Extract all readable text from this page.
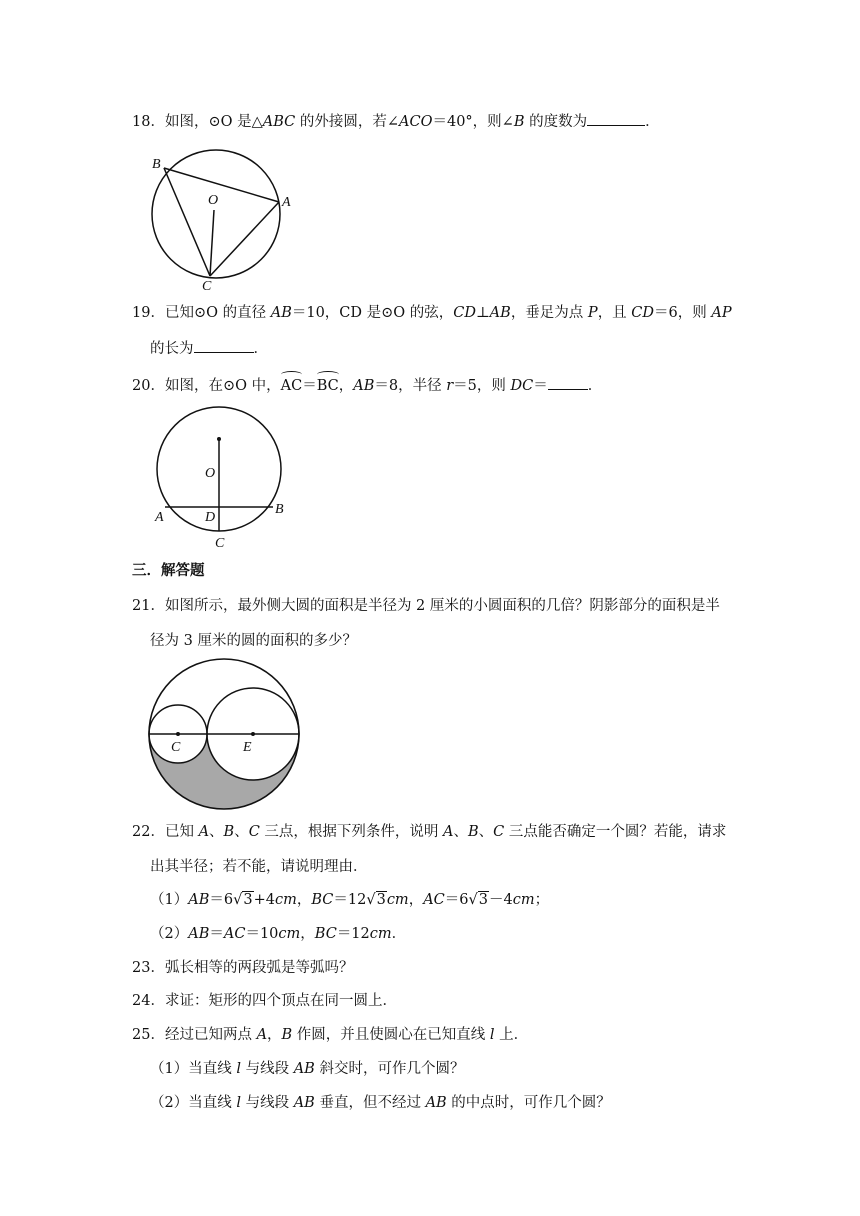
18．如图，⊙O 是△ABC 的外接圆，若∠ACO＝40°，则∠B 的度数为	．
B
O	A
C
19．已知⊙O 的直径 AB＝10，CD 是⊙O 的弦，CD⊥AB，垂足为点 P，且 CD＝6，则 AP
的长为	．
20．如图，在⊙O 中，AC＝BC，AB＝8，半径 r＝5，则 DC＝	．
O
A	D
B
C
三．解答题
21．如图所示，最外侧大圆的面积是半径为 2 厘米的小圆面积的几倍？阴影部分的面积是半
径为 3 厘米的圆的面积的多少？
C	E
22．已知 A、B、C 三点，根据下列条件，说明 A、B、C 三点能否确定一个圆？若能，请求
出其半径；若不能，请说明理由．
（1）AB＝6√3+4cm，BC＝12√3cm，AC＝6√3－4cm；
（2）AB＝AC＝10cm，BC＝12cm．
23．弧长相等的两段弧是等弧吗？
24．求证：矩形的四个顶点在同一圆上．
25．经过已知两点 A，B 作圆，并且使圆心在已知直线 l 上．
（1）当直线 l 与线段 AB 斜交时，可作几个圆？
（2）当直线 l 与线段 AB 垂直，但不经过 AB 的中点时，可作几个圆？
